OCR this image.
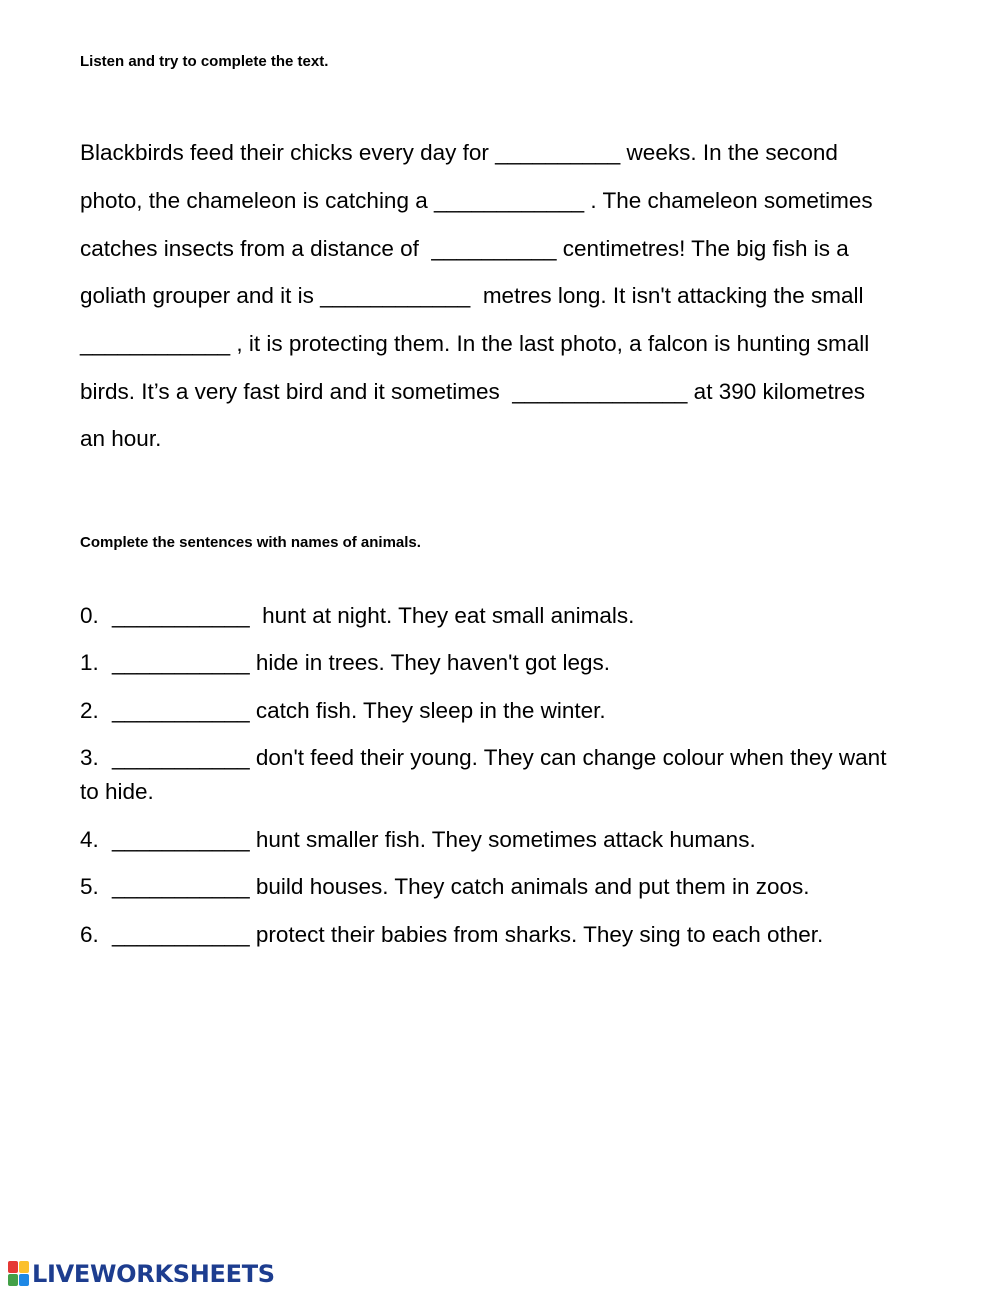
Listen and try to complete the text.
Blackbirds feed their chicks every day for __________ weeks. In the second
photo, the chameleon is catching a ____________ . The chameleon sometimes
catches insects from a distance of  __________ centimetres! The big fish is a
goliath grouper and it is ____________  metres long. It isn't attacking the small
____________ , it is protecting them. In the last photo, a falcon is hunting small
birds. It’s a very fast bird and it sometimes  ______________ at 390 kilometres
an hour.
Complete the sentences with names of animals.
0. ___________  hunt at night. They eat small animals.
1. ___________ hide in trees. They haven't got legs.
2. ___________ catch fish. They sleep in the winter.
3. ___________ don't feed their young. They can change colour when they want
to hide.
4. ___________ hunt smaller fish. They sometimes attack humans.
5. ___________ build houses. They catch animals and put them in zoos.
6. ___________ protect their babies from sharks. They sing to each other.
LIVEWORKSHEETS
